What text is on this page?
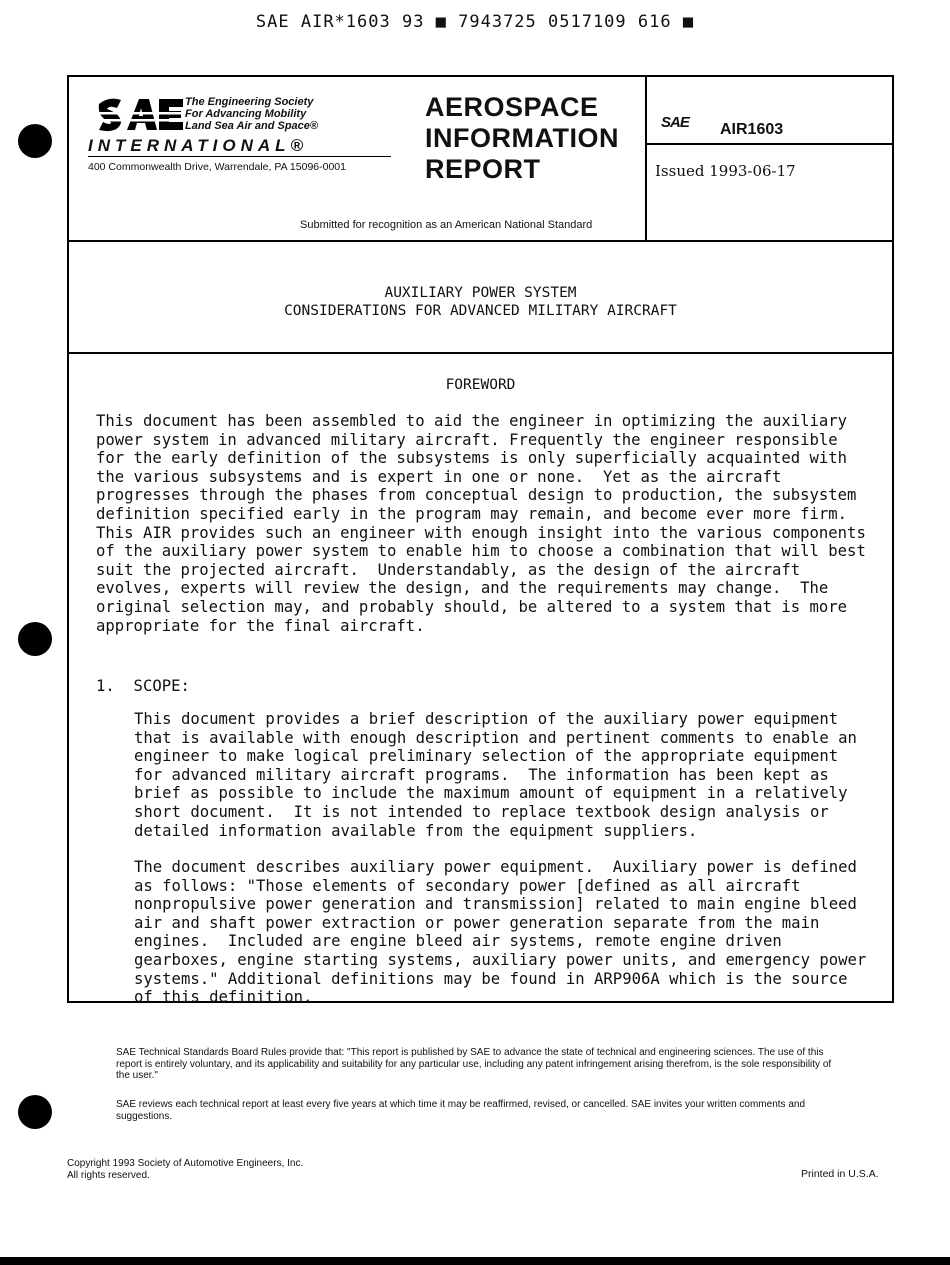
SAE AIR*1603 93 ■ 7943725 0517109 616 ■
The Engineering Society
For Advancing Mobility
Land Sea Air and Space®
INTERNATIONAL®
400 Commonwealth Drive, Warrendale, PA 15096-0001
AEROSPACE
INFORMATION
REPORT
Submitted for recognition as an American National Standard
SAE AIR1603
Issued 1993-06-17
AUXILIARY POWER SYSTEM
CONSIDERATIONS FOR ADVANCED MILITARY AIRCRAFT
FOREWORD
This document has been assembled to aid the engineer in optimizing the auxiliary
power system in advanced military aircraft. Frequently the engineer responsible
for the early definition of the subsystems is only superficially acquainted with
the various subsystems and is expert in one or none.  Yet as the aircraft
progresses through the phases from conceptual design to production, the subsystem
definition specified early in the program may remain, and become ever more firm.
This AIR provides such an engineer with enough insight into the various components
of the auxiliary power system to enable him to choose a combination that will best
suit the projected aircraft.  Understandably, as the design of the aircraft
evolves, experts will review the design, and the requirements may change.  The
original selection may, and probably should, be altered to a system that is more
appropriate for the final aircraft.
1.  SCOPE:
This document provides a brief description of the auxiliary power equipment
that is available with enough description and pertinent comments to enable an
engineer to make logical preliminary selection of the appropriate equipment
for advanced military aircraft programs.  The information has been kept as
brief as possible to include the maximum amount of equipment in a relatively
short document.  It is not intended to replace textbook design analysis or
detailed information available from the equipment suppliers.
The document describes auxiliary power equipment.  Auxiliary power is defined
as follows: "Those elements of secondary power [defined as all aircraft
nonpropulsive power generation and transmission] related to main engine bleed
air and shaft power extraction or power generation separate from the main
engines.  Included are engine bleed air systems, remote engine driven
gearboxes, engine starting systems, auxiliary power units, and emergency power
systems." Additional definitions may be found in ARP906A which is the source
of this definition.
SAE Technical Standards Board Rules provide that: "This report is published by SAE to advance the state of technical and engineering sciences. The use of this report is entirely voluntary, and its applicability and suitability for any particular use, including any patent infringement arising therefrom, is the sole responsibility of the user."
SAE reviews each technical report at least every five years at which time it may be reaffirmed, revised, or cancelled. SAE invites your written comments and suggestions.
Copyright 1993 Society of Automotive Engineers, Inc.
All rights reserved.	Printed in U.S.A.
